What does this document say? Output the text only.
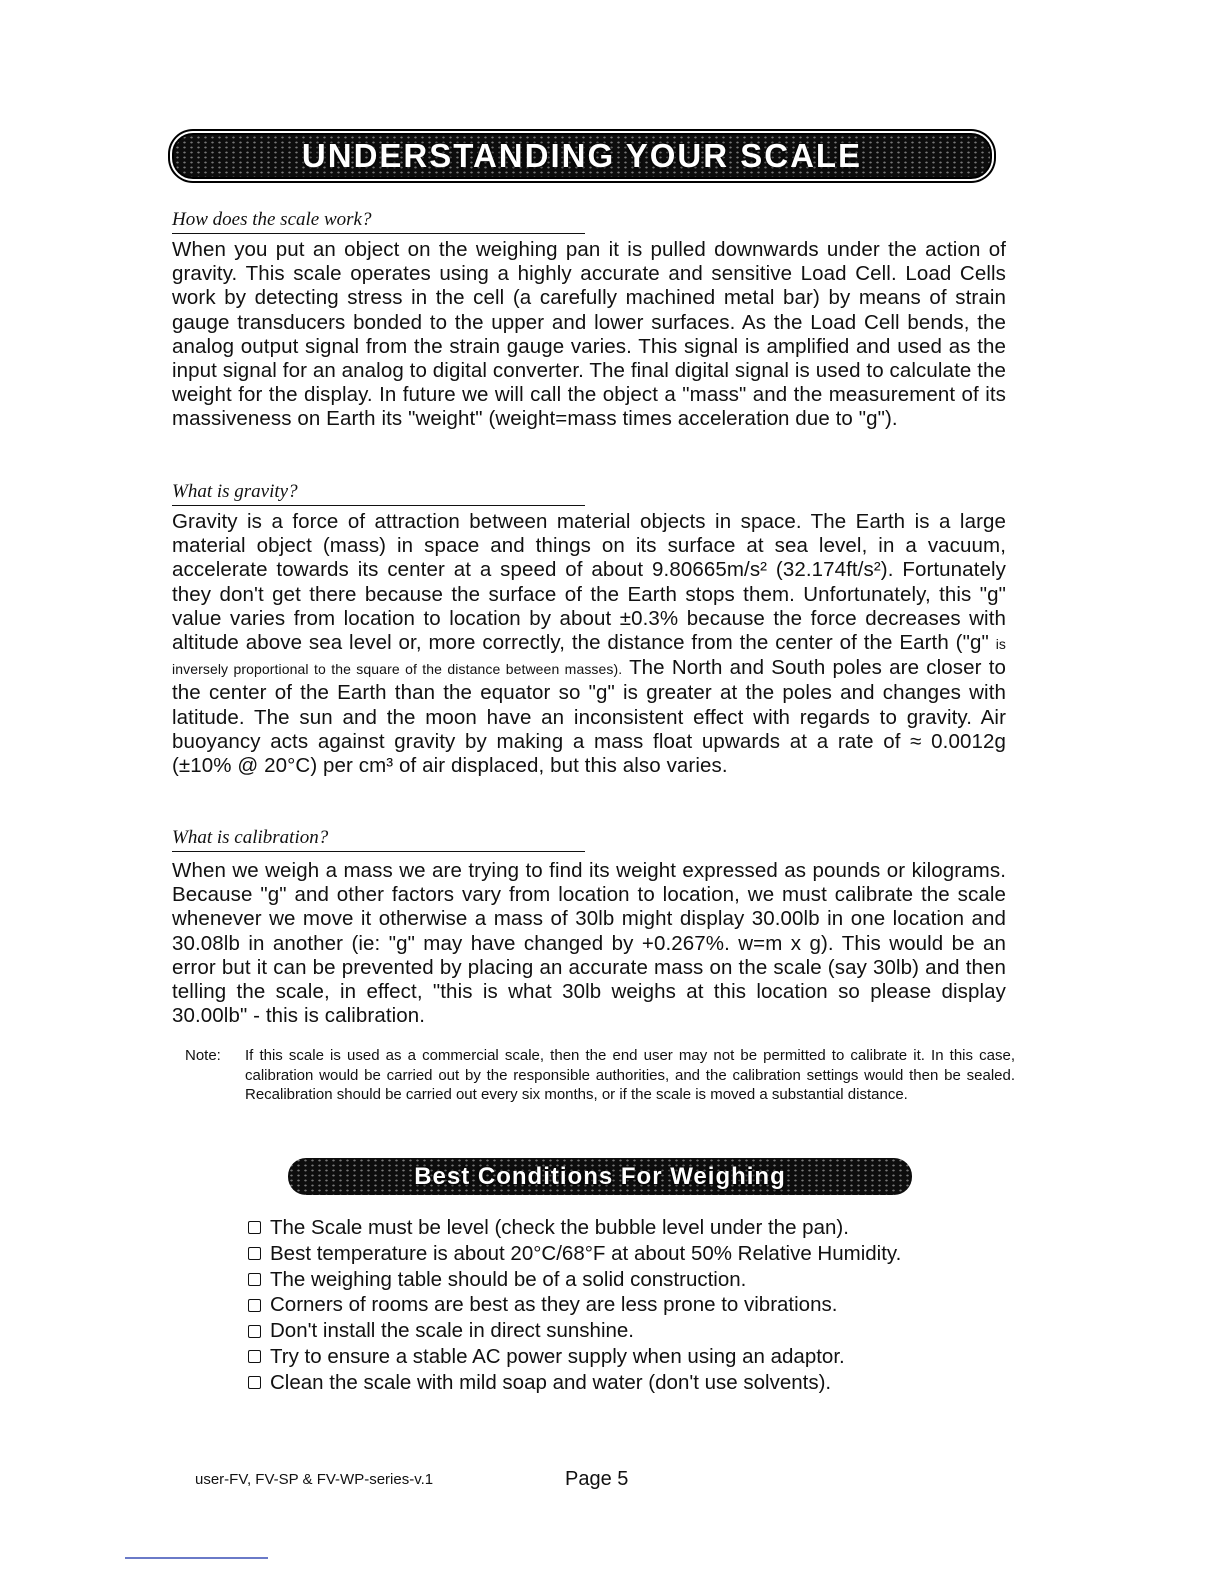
UNDERSTANDING YOUR SCALE
How does the scale work?
When you put an object on the weighing pan it is pulled downwards under the action of gravity. This scale operates using a highly accurate and sensitive Load Cell. Load Cells work by detecting stress in the cell (a carefully machined metal bar) by means of strain gauge transducers bonded to the upper and lower surfaces. As the Load Cell bends, the analog output signal from the strain gauge varies. This signal is amplified and used as the input signal for an analog to digital converter. The final digital signal is used to calculate the weight for the display. In future we will call the object a "mass" and the measurement of its massiveness on Earth its "weight" (weight=mass times acceleration due to "g").
What is gravity?
Gravity is a force of attraction between material objects in space. The Earth is a large material object (mass) in space and things on its surface at sea level, in a vacuum, accelerate towards its center at a speed of about 9.80665m/s² (32.174ft/s²). Fortunately they don't get there because the surface of the Earth stops them. Unfortunately, this "g" value varies from location to location by about ±0.3% because the force decreases with altitude above sea level or, more correctly, the distance from the center of the Earth ("g" is inversely proportional to the square of the distance between masses). The North and South poles are closer to the center of the Earth than the equator so "g" is greater at the poles and changes with latitude. The sun and the moon have an inconsistent effect with regards to gravity. Air buoyancy acts against gravity by making a mass float upwards at a rate of ≈ 0.0012g (±10% @ 20°C) per cm³ of air displaced, but this also varies.
What is calibration?
When we weigh a mass we are trying to find its weight expressed as pounds or kilograms. Because "g" and other factors vary from location to location, we must calibrate the scale whenever we move it otherwise a mass of 30lb might display 30.00lb in one location and 30.08lb in another (ie: "g" may have changed by +0.267%. w=m x g). This would be an error but it can be prevented by placing an accurate mass on the scale (say 30lb) and then telling the scale, in effect, "this is what 30lb weighs at this location so please display 30.00lb" - this is calibration.
Note:	If this scale is used as a commercial scale, then the end user may not be permitted to calibrate it. In this case, calibration would be carried out by the responsible authorities, and the calibration settings would then be sealed. Recalibration should be carried out every six months, or if the scale is moved a substantial distance.
Best Conditions For Weighing
The Scale must be level (check the bubble level under the pan).
Best temperature is about 20°C/68°F at about 50% Relative Humidity.
The weighing table should be of a solid construction.
Corners of rooms are best as they are less prone to vibrations.
Don't install the scale in direct sunshine.
Try to ensure a stable AC power supply when using an adaptor.
Clean the scale with mild soap and water (don't use solvents).
user-FV, FV-SP & FV-WP-series-v.1	Page 5
